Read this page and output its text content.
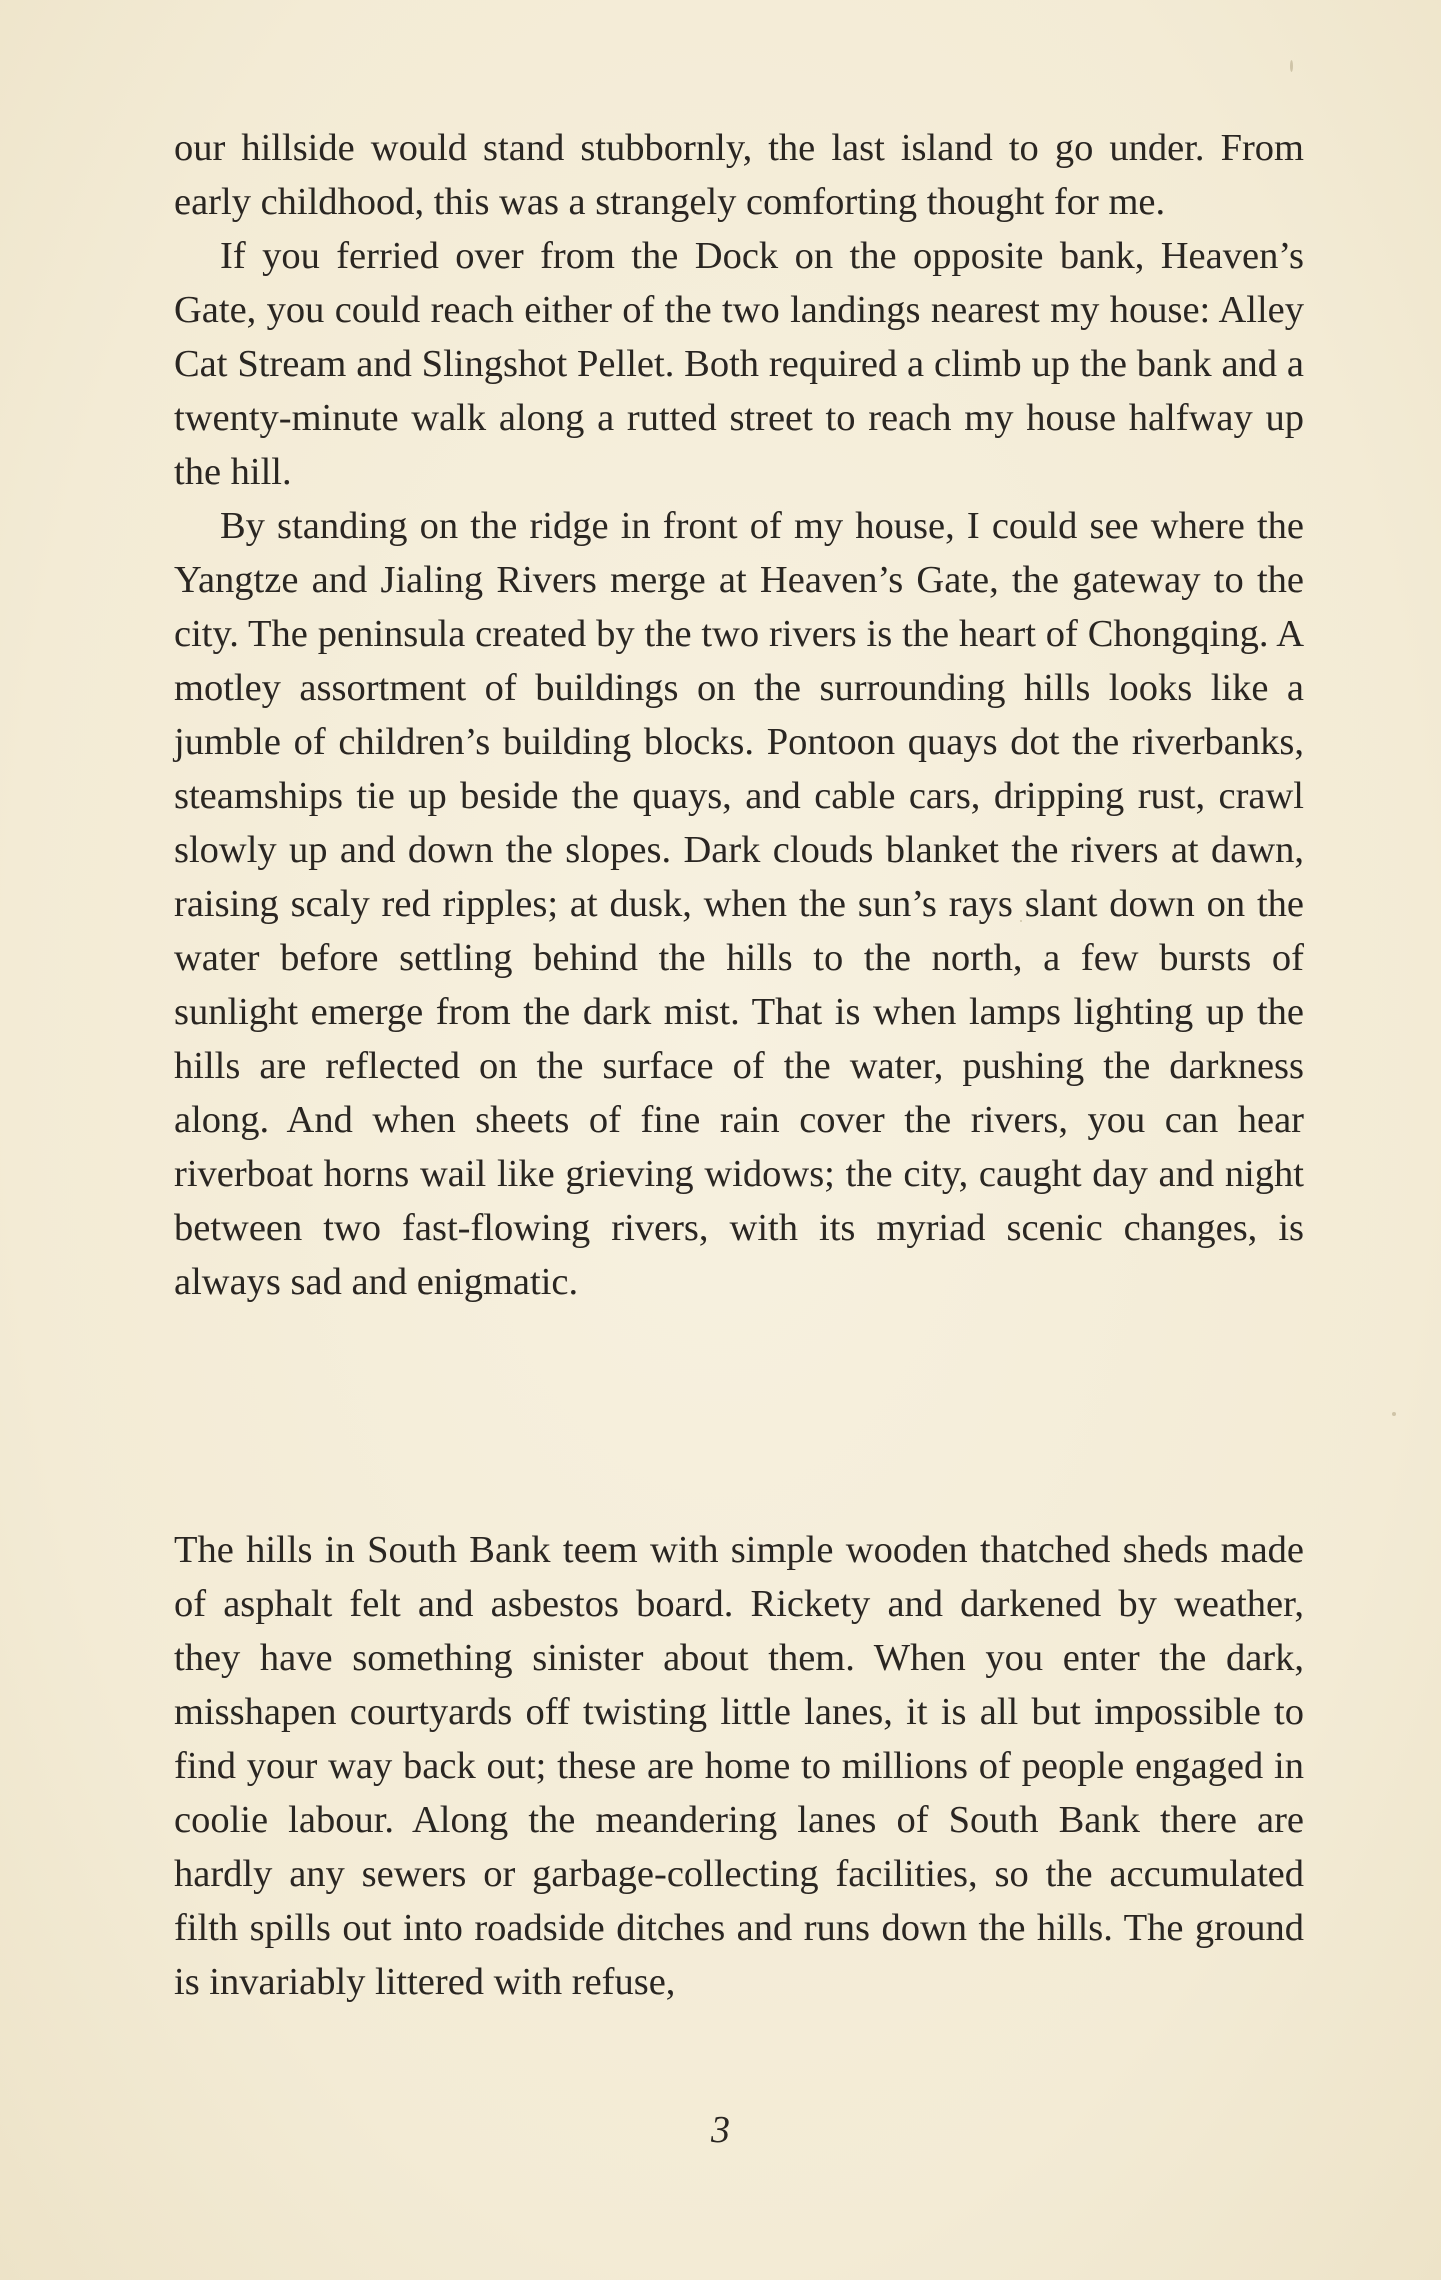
our hillside would stand stubbornly, the last island to go under. From early childhood, this was a strangely comforting thought for me.

If you ferried over from the Dock on the opposite bank, Heaven’s Gate, you could reach either of the two landings nearest my house: Alley Cat Stream and Slingshot Pellet. Both required a climb up the bank and a twenty-minute walk along a rutted street to reach my house halfway up the hill.

By standing on the ridge in front of my house, I could see where the Yangtze and Jialing Rivers merge at Heaven’s Gate, the gateway to the city. The peninsula created by the two rivers is the heart of Chongqing. A motley assortment of buildings on the surrounding hills looks like a jumble of children’s building blocks. Pontoon quays dot the riverbanks, steamships tie up beside the quays, and cable cars, dripping rust, crawl slowly up and down the slopes. Dark clouds blanket the rivers at dawn, raising scaly red ripples; at dusk, when the sun’s rays slant down on the water before settling behind the hills to the north, a few bursts of sunlight emerge from the dark mist. That is when lamps lighting up the hills are reflected on the surface of the water, pushing the darkness along. And when sheets of fine rain cover the rivers, you can hear riverboat horns wail like grieving widows; the city, caught day and night between two fast-flowing rivers, with its myriad scenic changes, is always sad and enigmatic.

The hills in South Bank teem with simple wooden thatched sheds made of asphalt felt and asbestos board. Rickety and darkened by weather, they have something sinister about them. When you enter the dark, misshapen courtyards off twisting little lanes, it is all but impossible to find your way back out; these are home to millions of people engaged in coolie labour. Along the meandering lanes of South Bank there are hardly any sewers or garbage-collecting facilities, so the accumulated filth spills out into roadside ditches and runs down the hills. The ground is invariably littered with refuse,

3
